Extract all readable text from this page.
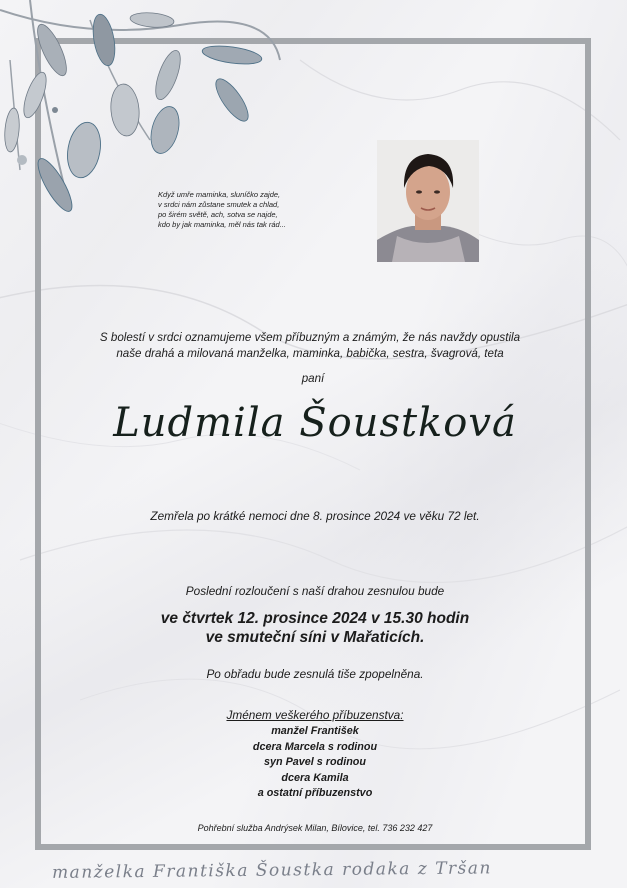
Když umře maminka, sluníčko zajde,
v srdci nám zůstane smutek a chlad,
po širém světě, ach, sotva se najde,
kdo by jak maminka, měl nás tak rád...
S bolestí v srdci oznamujeme všem příbuzným a známým, že nás navždy opustila
naše drahá a milovaná manželka, maminka, babička, sestra, švagrová, teta
paní
Ludmila Šoustková
Zemřela po krátké nemoci dne 8. prosince 2024 ve věku 72 let.
Poslední rozloučení s naší drahou zesnulou bude
ve čtvrtek 12. prosince 2024 v 15.30 hodin
ve smuteční síni v Mařaticích.
Po obřadu bude zesnulá tiše zpopelněna.
Jménem veškerého příbuzenstva:
manžel František
dcera Marcela s rodinou
syn Pavel s rodinou
dcera Kamila
a ostatní příbuzenstvo
Pohřební služba Andrýsek Milan, Bílovice, tel. 736 232 427
manželka Františka Šoustka rodaka z Tršan
